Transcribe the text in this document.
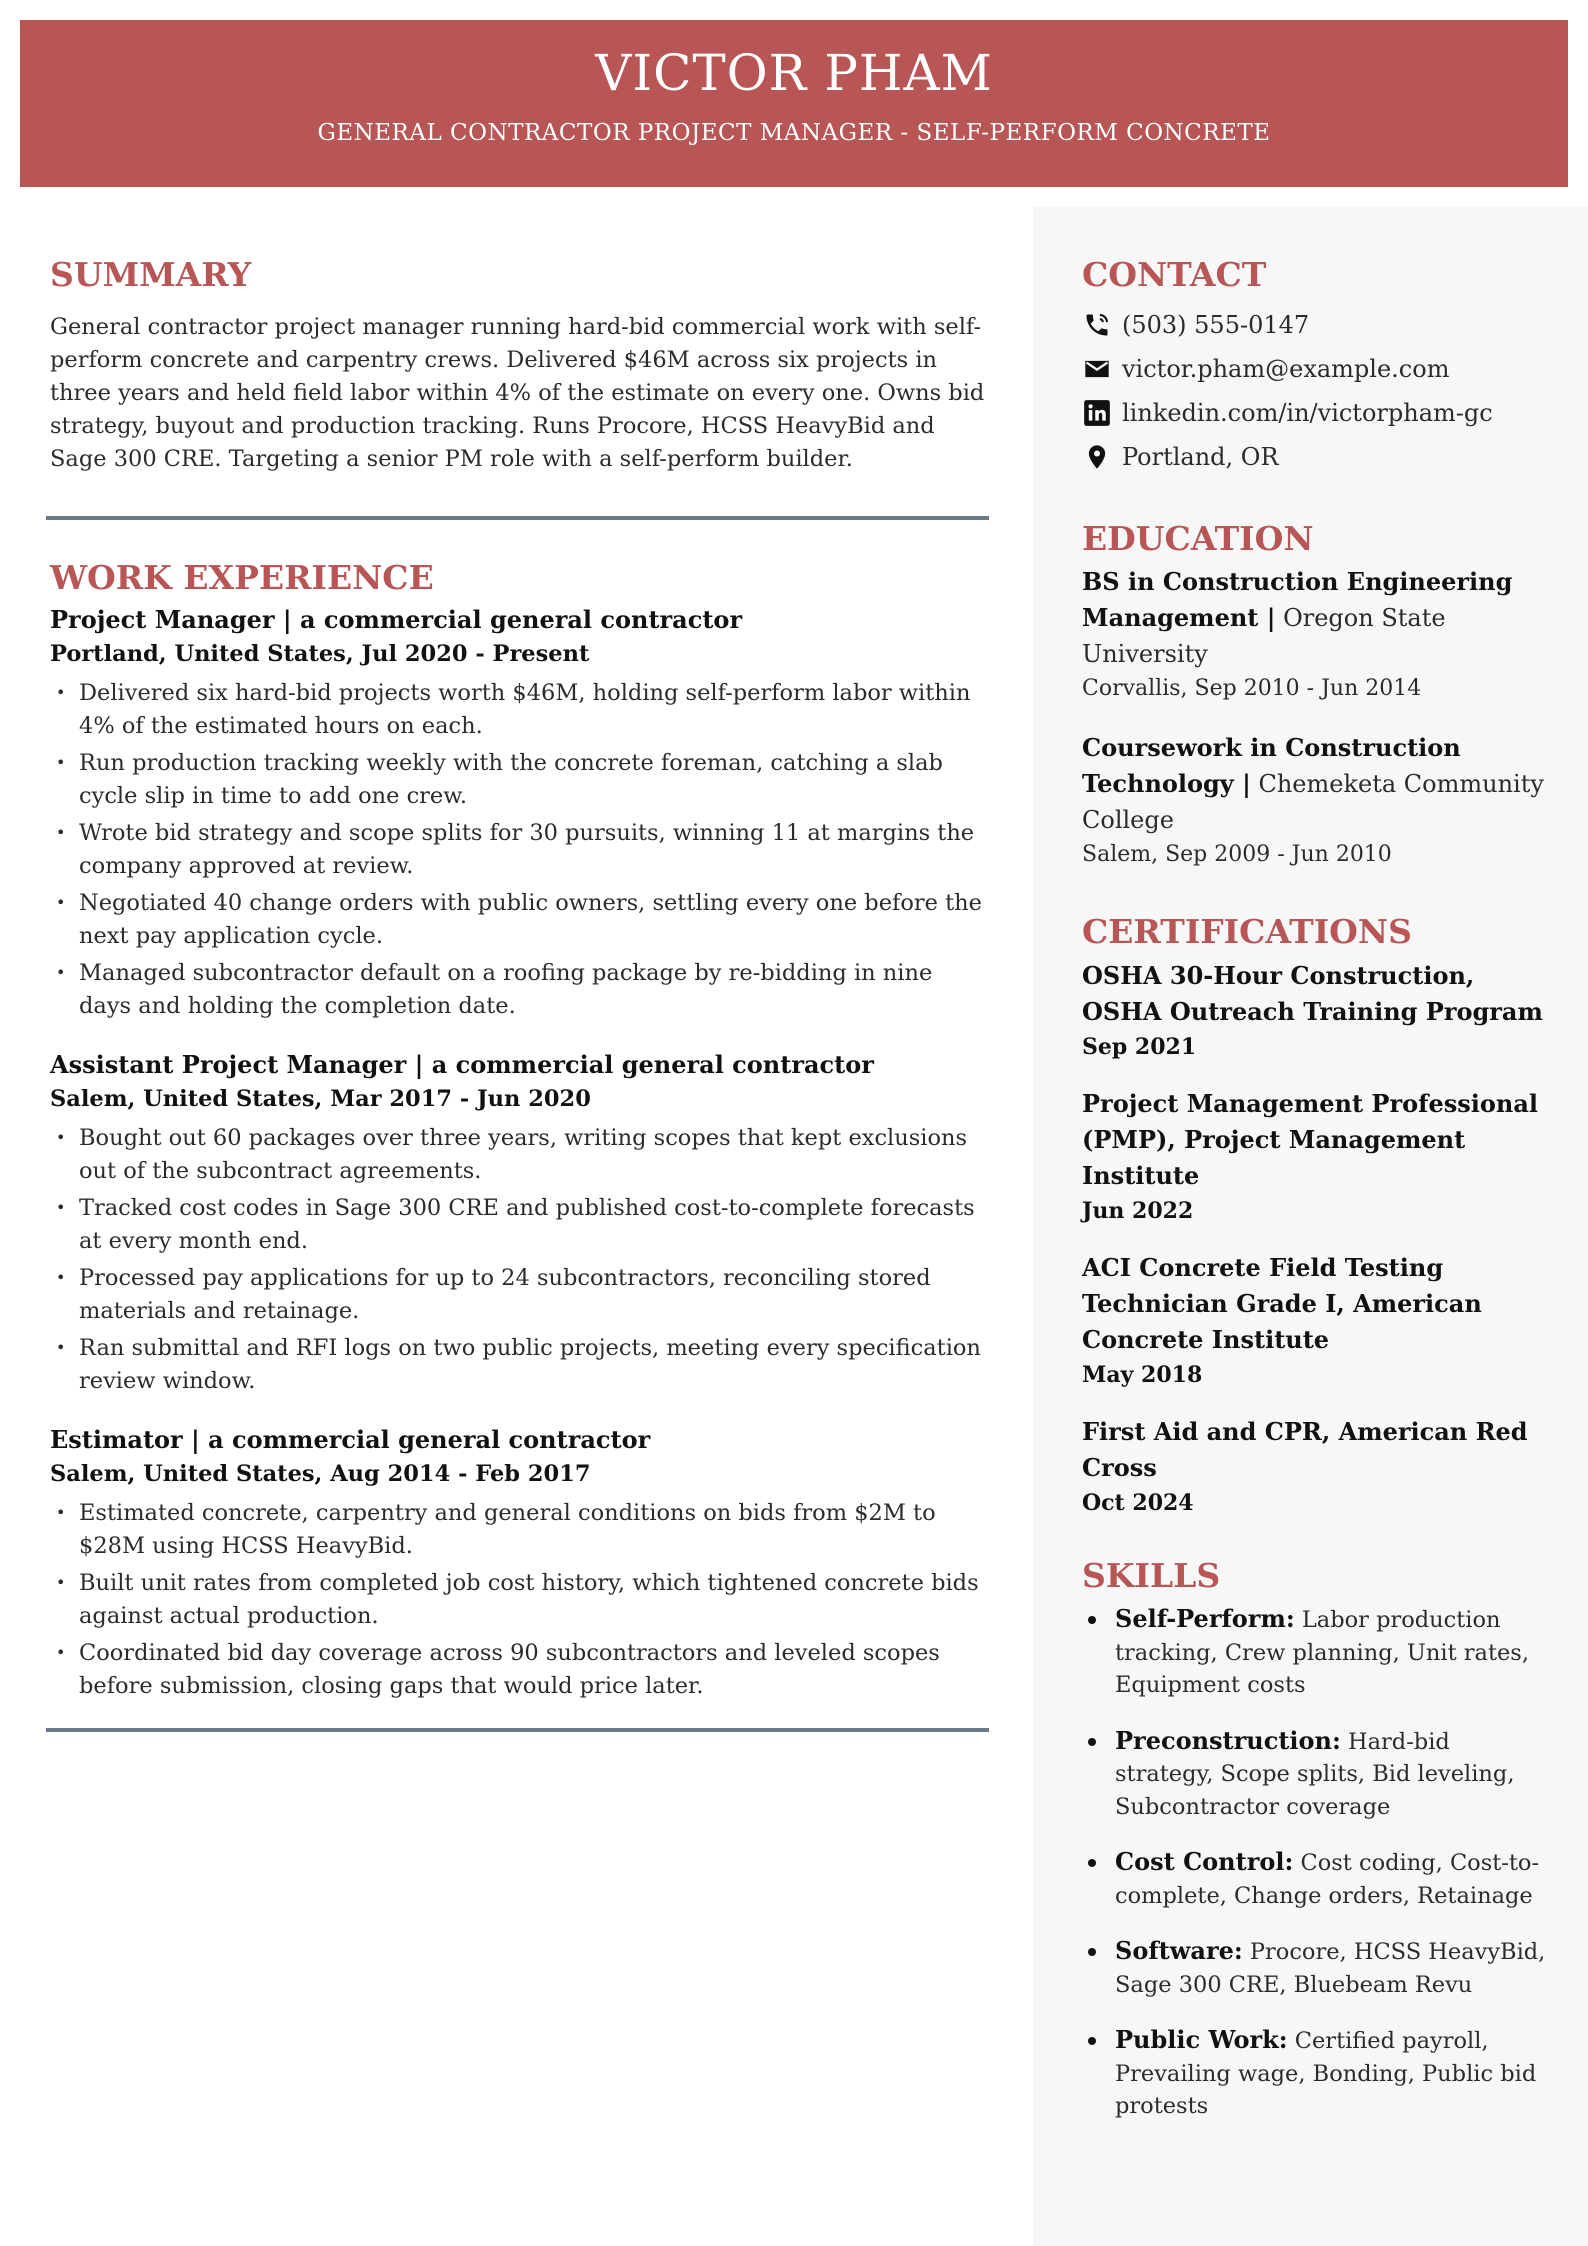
VICTOR PHAM
GENERAL CONTRACTOR PROJECT MANAGER - SELF-PERFORM CONCRETE
SUMMARY

General contractor project manager running hard-bid commercial work with self-perform concrete and carpentry crews. Delivered $46M across six projects in three years and held field labor within 4% of the estimate on every one. Owns bid strategy, buyout and production tracking. Runs Procore, HCSS HeavyBid and Sage 300 CRE. Targeting a senior PM role with a self-perform builder.

WORK EXPERIENCE
Project Manager | a commercial general contractor
Portland, United States, Jul 2020 - Present
• Delivered six hard-bid projects worth $46M, holding self-perform labor within 4% of the estimated hours on each.
• Run production tracking weekly with the concrete foreman, catching a slab cycle slip in time to add one crew.
• Wrote bid strategy and scope splits for 30 pursuits, winning 11 at margins the company approved at review.
• Negotiated 40 change orders with public owners, settling every one before the next pay application cycle.
• Managed subcontractor default on a roofing package by re-bidding in nine days and holding the completion date.
Assistant Project Manager | a commercial general contractor
Salem, United States, Mar 2017 - Jun 2020
• Bought out 60 packages over three years, writing scopes that kept exclusions out of the subcontract agreements.
• Tracked cost codes in Sage 300 CRE and published cost-to-complete forecasts at every month end.
• Processed pay applications for up to 24 subcontractors, reconciling stored materials and retainage.
• Ran submittal and RFI logs on two public projects, meeting every specification review window.
Estimator | a commercial general contractor
Salem, United States, Aug 2014 - Feb 2017
• Estimated concrete, carpentry and general conditions on bids from $2M to $28M using HCSS HeavyBid.
• Built unit rates from completed job cost history, which tightened concrete bids against actual production.
• Coordinated bid day coverage across 90 subcontractors and leveled scopes before submission, closing gaps that would price later.
CONTACT
(503) 555-0147
victor.pham@example.com
linkedin.com/in/victorpham-gc
Portland, OR
EDUCATION
BS in Construction Engineering Management | Oregon State University
Corvallis, Sep 2010 - Jun 2014
Coursework in Construction Technology | Chemeketa Community College
Salem, Sep 2009 - Jun 2010
CERTIFICATIONS
OSHA 30-Hour Construction, OSHA Outreach Training Program
Sep 2021
Project Management Professional (PMP), Project Management Institute
Jun 2022
ACI Concrete Field Testing Technician Grade I, American Concrete Institute
May 2018
First Aid and CPR, American Red Cross
Oct 2024
SKILLS
Self-Perform: Labor production tracking, Crew planning, Unit rates, Equipment costs
Preconstruction: Hard-bid strategy, Scope splits, Bid leveling, Subcontractor coverage
Cost Control: Cost coding, Cost-to-complete, Change orders, Retainage
Software: Procore, HCSS HeavyBid, Sage 300 CRE, Bluebeam Revu
Public Work: Certified payroll, Prevailing wage, Bonding, Public bid protests
